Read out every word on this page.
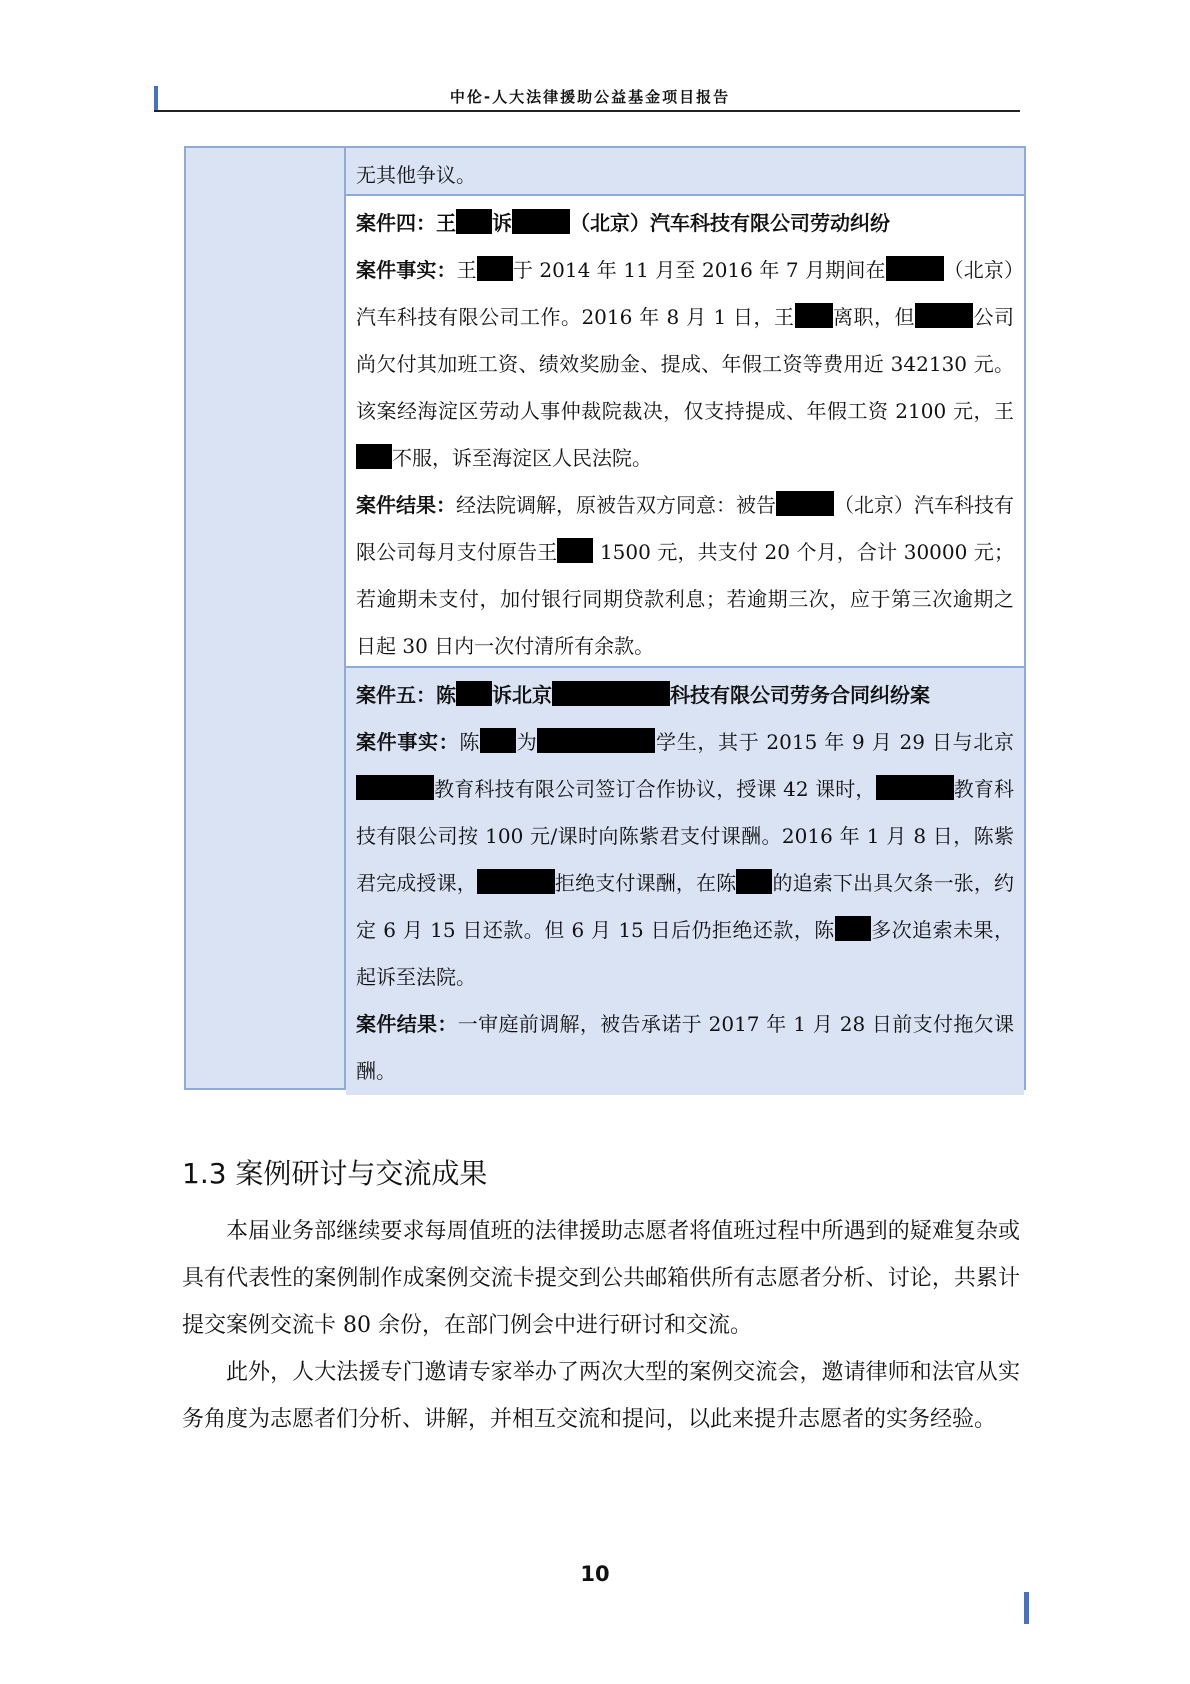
中伦-人大法律援助公益基金项目报告

无其他争议。

案件四：王 诉	（北京）汽车科技有限公司劳动纠纷

案件事实：王 于 2014 年 11 月至 2016 年 7 月期间在	（北京）汽车科技有限公司工作。2016 年 8 月 1 日，王 离职，但	公司尚欠付其加班工资、绩效奖励金、提成、年假工资等费用近 342130 元。该案经海淀区劳动人事仲裁院裁决，仅支持提成、年假工资 2100 元，王不服，诉至海淀区人民法院。

案件结果：经法院调解，原被告双方同意：被告	（北京）汽车科技有限公司每月支付原告王 1500 元，共支付 20 个月，合计 30000 元；若逾期未支付，加付银行同期贷款利息；若逾期三次，应于第三次逾期之日起 30 日内一次付清所有余款。

案件五：陈 诉北京	科技有限公司劳务合同纠纷案

案件事实：陈 为	学生，其于 2015 年 9 月 29 日与北京教育科技有限公司签订合作协议，授课 42 课时，	教育科技有限公司按 100 元/课时向陈紫君支付课酬。2016 年 1 月 8 日，陈紫君完成授课，	拒绝支付课酬，在陈 的追索下出具欠条一张，约定 6 月 15 日还款。但 6 月 15 日后仍拒绝还款，陈 多次追索未果，起诉至法院。

案件结果：一审庭前调解，被告承诺于 2017 年 1 月 28 日前支付拖欠课酬。

1.3 案例研讨与交流成果

本届业务部继续要求每周值班的法律援助志愿者将值班过程中所遇到的疑难复杂或具有代表性的案例制作成案例交流卡提交到公共邮箱供所有志愿者分析、讨论，共累计提交案例交流卡 80 余份，在部门例会中进行研讨和交流。

此外，人大法援专门邀请专家举办了两次大型的案例交流会，邀请律师和法官从实务角度为志愿者们分析、讲解，并相互交流和提问，以此来提升志愿者的实务经验。

10
